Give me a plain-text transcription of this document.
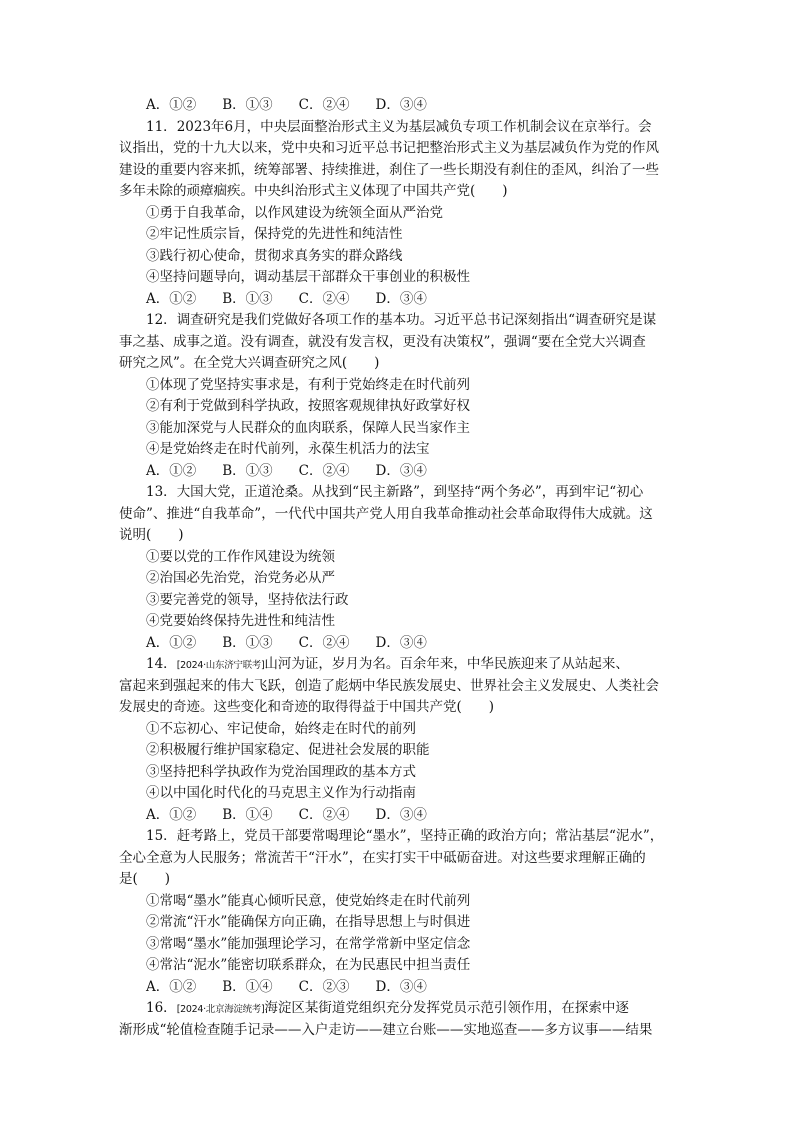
A．①② B．①③ C．②④ D．③④
11．2023年6月，中央层面整治形式主义为基层减负专项工作机制会议在京举行。会
议指出，党的十九大以来，党中央和习近平总书记把整治形式主义为基层减负作为党的作风
建设的重要内容来抓，统筹部署、持续推进，刹住了一些长期没有刹住的歪风，纠治了一些
多年未除的顽瘴痼疾。中央纠治形式主义体现了中国共产党(　　)
①勇于自我革命，以作风建设为统领全面从严治党
②牢记性质宗旨，保持党的先进性和纯洁性
③践行初心使命，贯彻求真务实的群众路线
④坚持问题导向，调动基层干部群众干事创业的积极性
A．①② B．①③ C．②④ D．③④
12．调查研究是我们党做好各项工作的基本功。习近平总书记深刻指出“调查研究是谋
事之基、成事之道。没有调查，就没有发言权，更没有决策权”，强调“要在全党大兴调查
研究之风”。在全党大兴调查研究之风(　　)
①体现了党坚持实事求是，有利于党始终走在时代前列
②有利于党做到科学执政，按照客观规律执好政掌好权
③能加深党与人民群众的血肉联系，保障人民当家作主
④是党始终走在时代前列，永葆生机活力的法宝
A．①② B．①③ C．②④ D．③④
13．大国大党，正道沧桑。从找到“民主新路”，到坚持“两个务必”，再到牢记“初心
使命”、推进“自我革命”，一代代中国共产党人用自我革命推动社会革命取得伟大成就。这
说明(　　)
①要以党的工作作风建设为统领
②治国必先治党，治党务必从严
③要完善党的领导，坚持依法行政
④党要始终保持先进性和纯洁性
A．①② B．①③ C．②④ D．③④
14．[2024·山东济宁联考]山河为证，岁月为名。百余年来，中华民族迎来了从站起来、
富起来到强起来的伟大飞跃，创造了彪炳中华民族发展史、世界社会主义发展史、人类社会
发展史的奇迹。这些变化和奇迹的取得得益于中国共产党(　　)
①不忘初心、牢记使命，始终走在时代的前列
②积极履行维护国家稳定、促进社会发展的职能
③坚持把科学执政作为党治国理政的基本方式
④以中国化时代化的马克思主义作为行动指南
A．①② B．①④ C．②④ D．③④
15．赶考路上，党员干部要常喝理论“墨水”，坚持正确的政治方向；常沾基层“泥水”，
全心全意为人民服务；常流苦干“汗水”，在实打实干中砥砺奋进。对这些要求理解正确的
是(　　)
①常喝“墨水”能真心倾听民意，使党始终走在时代前列
②常流“汗水”能确保方向正确，在指导思想上与时俱进
③常喝“墨水”能加强理论学习，在常学常新中坚定信念
④常沾“泥水”能密切联系群众，在为民惠民中担当责任
A．①② B．①④ C．②③ D．③④
16．[2024·北京海淀统考]海淀区某街道党组织充分发挥党员示范引领作用，在探索中逐
渐形成“轮值检查随手记录——入户走访——建立台账——实地巡查——多方议事——结果
